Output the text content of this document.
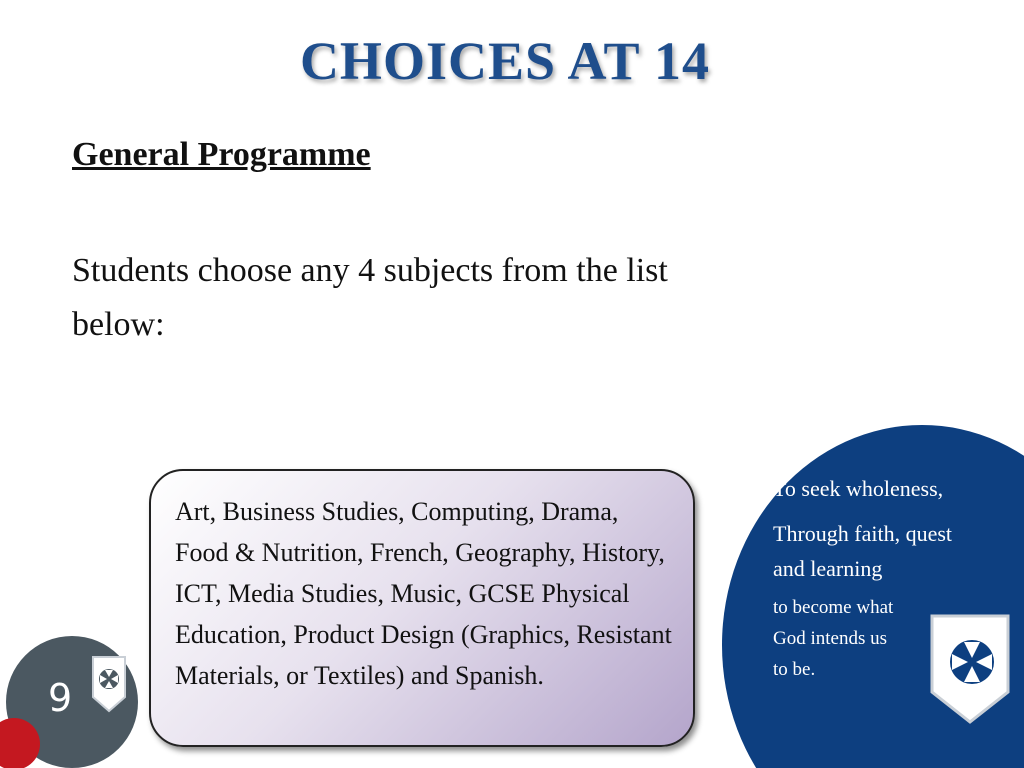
CHOICES AT 14
General Programme

Students choose any 4 subjects from the list below:

Art, Business Studies, Computing, Drama, Food & Nutrition, French, Geography, History, ICT, Media Studies, Music, GCSE Physical Education, Product Design (Graphics, Resistant Materials, or Textiles) and Spanish.

To seek wholeness,

Through faith, quest and learning

to become what God intends us to be.

9
